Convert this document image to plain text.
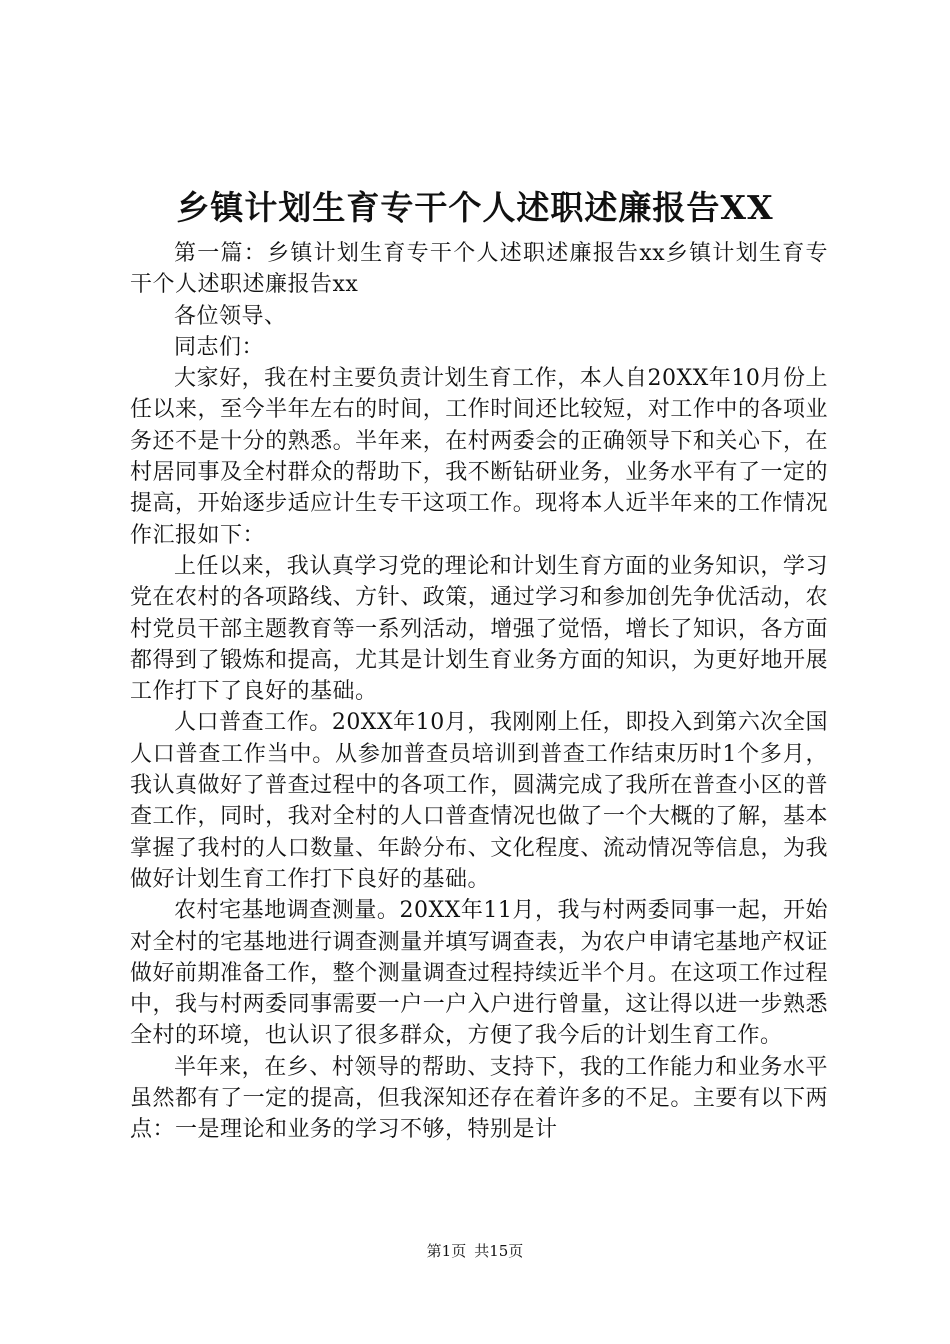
乡镇计划生育专干个人述职述廉报告XX

第一篇：乡镇计划生育专干个人述职述廉报告xx乡镇计划生育专干个人述职述廉报告xx

各位领导、

同志们：

大家好，我在村主要负责计划生育工作，本人自20XX年10月份上任以来，至今半年左右的时间，工作时间还比较短，对工作中的各项业务还不是十分的熟悉。半年来，在村两委会的正确领导下和关心下，在村居同事及全村群众的帮助下，我不断钻研业务，业务水平有了一定的提高，开始逐步适应计生专干这项工作。现将本人近半年来的工作情况作汇报如下：

上任以来，我认真学习党的理论和计划生育方面的业务知识，学习党在农村的各项路线、方针、政策，通过学习和参加创先争优活动，农村党员干部主题教育等一系列活动，增强了觉悟，增长了知识，各方面都得到了锻炼和提高，尤其是计划生育业务方面的知识，为更好地开展工作打下了良好的基础。

人口普查工作。20XX年10月，我刚刚上任，即投入到第六次全国人口普查工作当中。从参加普查员培训到普查工作结束历时1个多月，我认真做好了普查过程中的各项工作，圆满完成了我所在普查小区的普查工作，同时，我对全村的人口普查情况也做了一个大概的了解，基本掌握了我村的人口数量、年龄分布、文化程度、流动情况等信息，为我做好计划生育工作打下良好的基础。

农村宅基地调查测量。20XX年11月，我与村两委同事一起，开始对全村的宅基地进行调查测量并填写调查表，为农户申请宅基地产权证做好前期准备工作，整个测量调查过程持续近半个月。在这项工作过程中，我与村两委同事需要一户一户入户进行曾量，这让得以进一步熟悉全村的环境，也认识了很多群众，方便了我今后的计划生育工作。

半年来，在乡、村领导的帮助、支持下，我的工作能力和业务水平虽然都有了一定的提高，但我深知还存在着许多的不足。主要有以下两点：一是理论和业务的学习不够，特别是计

第1页 共15页
